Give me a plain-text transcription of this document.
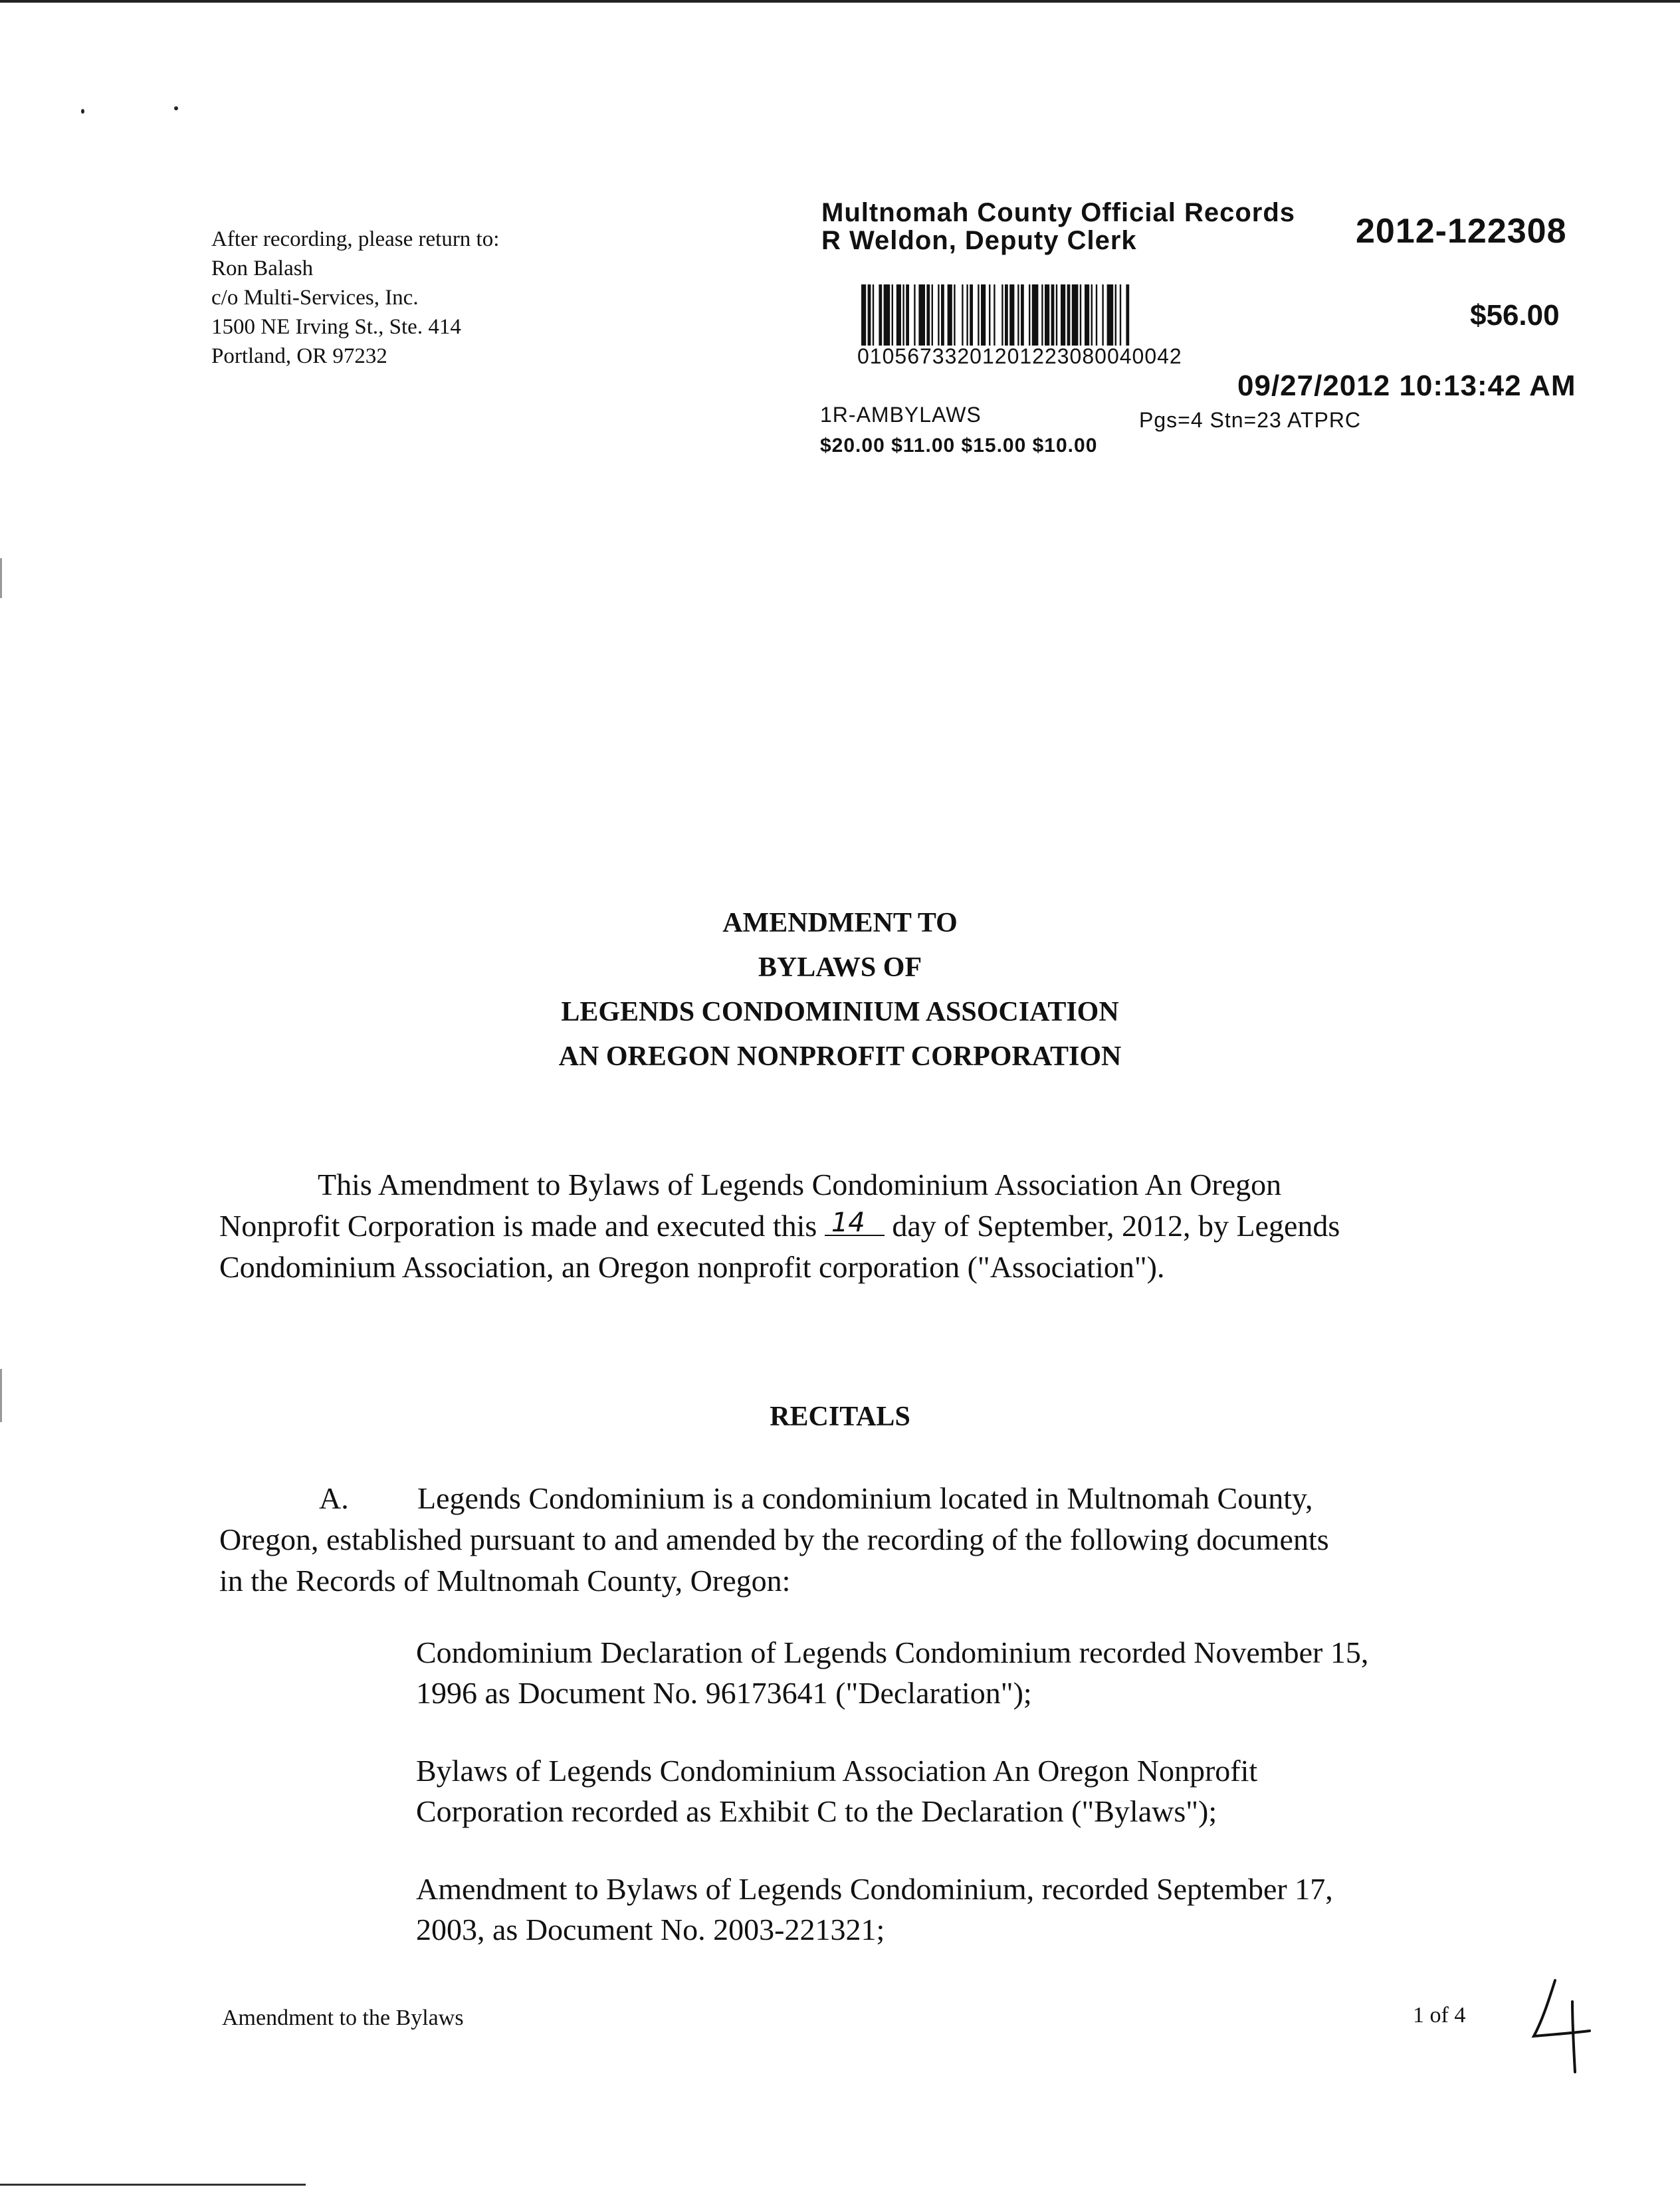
After recording, please return to:
Ron Balash
c/o Multi-Services, Inc.
1500 NE Irving St., Ste. 414
Portland, OR 97232
Multnomah County Official Records
R Weldon, Deputy Clerk	2012-122308
$56.00
01056733201201223080040042
09/27/2012 10:13:42 AM
1R-AMBYLAWS	Pgs=4 Stn=23 ATPRC
$20.00 $11.00 $15.00 $10.00
AMENDMENT TO
BYLAWS OF
LEGENDS CONDOMINIUM ASSOCIATION
AN OREGON NONPROFIT CORPORATION
This Amendment to Bylaws of Legends Condominium Association An Oregon
Nonprofit Corporation is made and executed this 14 day of September, 2012, by Legends
Condominium Association, an Oregon nonprofit corporation ("Association").
RECITALS
A. Legends Condominium is a condominium located in Multnomah County,
Oregon, established pursuant to and amended by the recording of the following documents
in the Records of Multnomah County, Oregon:
Condominium Declaration of Legends Condominium recorded November 15,
1996 as Document No. 96173641 ("Declaration");
Bylaws of Legends Condominium Association An Oregon Nonprofit
Corporation recorded as Exhibit C to the Declaration ("Bylaws");
Amendment to Bylaws of Legends Condominium, recorded September 17,
2003, as Document No. 2003-221321;
Amendment to the Bylaws	1 of 4
